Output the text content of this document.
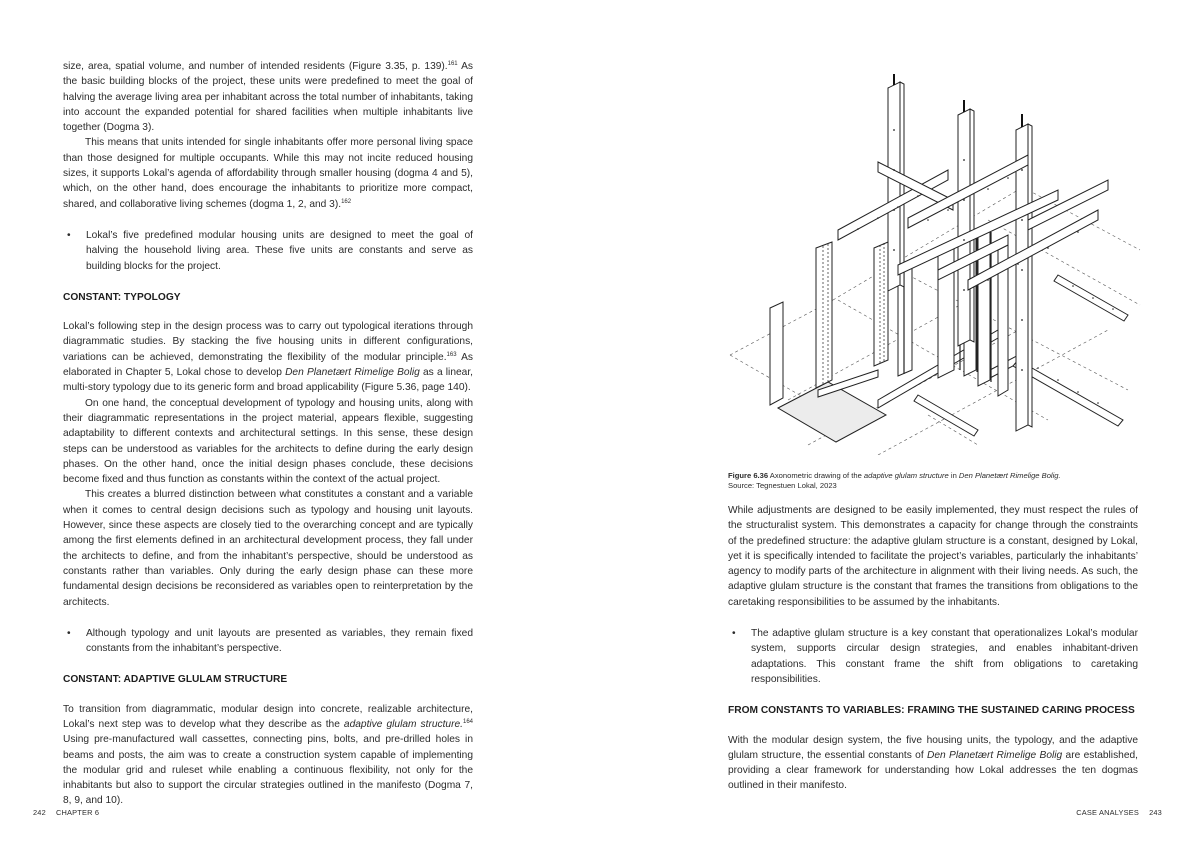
size, area, spatial volume, and number of intended residents (Figure 3.35, p. 139).$^{161}$ As the basic building blocks of the project, these units were predefined to meet the goal of halving the average living area per inhabitant across the total number of inhabitants, taking into account the expanded potential for shared facilities when multiple inhabitants live together (Dogma 3).

This means that units intended for single inhabitants offer more personal living space than those designed for multiple occupants. While this may not incite reduced housing sizes, it supports Lokal’s agenda of affordability through smaller housing (dogma 4 and 5), which, on the other hand, does encourage the inhabitants to prioritize more compact, shared, and collaborative living schemes (dogma 1, 2, and 3).$^{162}$

•	Lokal’s five predefined modular housing units are designed to meet the goal of halving the household living area. These five units are constants and serve as building blocks for the project.
CONSTANT: TYPOLOGY

Lokal’s following step in the design process was to carry out typological iterations through diagrammatic studies. By stacking the five housing units in different configurations, variations can be achieved, demonstrating the flexibility of the modular principle.$^{163}$ As elaborated in Chapter 5, Lokal chose to develop Den Planetært Rimelige Bolig as a linear, multi-story typology due to its generic form and broad applicability (Figure 5.36, page 140).

On one hand, the conceptual development of typology and housing units, along with their diagrammatic representations in the project material, appears flexible, suggesting adaptability to different contexts and architectural settings. In this sense, these design steps can be understood as variables for the architects to define during the early design phases. On the other hand, once the initial design phases conclude, these decisions become fixed and thus function as constants within the context of the actual project.

This creates a blurred distinction between what constitutes a constant and a variable when it comes to central design decisions such as typology and housing unit layouts. However, since these aspects are closely tied to the overarching concept and are typically among the first elements defined in an architectural development process, they fall under the architects to define, and from the inhabitant’s perspective, should be understood as constants rather than variables. Only during the early design phase can these more fundamental design decisions be reconsidered as variables open to reinterpretation by the architects.

•	Although typology and unit layouts are presented as variables, they remain fixed constants from the inhabitant’s perspective.
CONSTANT: ADAPTIVE GLULAM STRUCTURE

To transition from diagrammatic, modular design into concrete, realizable architecture, Lokal’s next step was to develop what they describe as the adaptive glulam structure.$^{164}$ Using pre-manufactured wall cassettes, connecting pins, bolts, and pre-drilled holes in beams and posts, the aim was to create a construction system capable of implementing the modular grid and ruleset while enabling a continuous flexibility, not only for the inhabitants but also to support the circular strategies outlined in the manifesto (Dogma 7, 8, 9, and 10).

Figure 6.36 Axonometric drawing of the adaptive glulam structure in Den Planetært Rimelige Bolig.
Source: Tegnestuen Lokal, 2023

While adjustments are designed to be easily implemented, they must respect the rules of the structuralist system. This demonstrates a capacity for change through the constraints of the predefined structure: the adaptive glulam structure is a constant, designed by Lokal, yet it is specifically intended to facilitate the project’s variables, particularly the inhabitants’ agency to modify parts of the architecture in alignment with their living needs. As such, the adaptive glulam structure is the constant that frames the transitions from obligations to the caretaking responsibilities to be assumed by the inhabitants.

•	The adaptive glulam structure is a key constant that operationalizes Lokal’s modular system, supports circular design strategies, and enables inhabitant-driven adaptations. This constant frame the shift from obligations to caretaking responsibilities.
FROM CONSTANTS TO VARIABLES: FRAMING THE SUSTAINED CARING PROCESS

With the modular design system, the five housing units, the typology, and the adaptive glulam structure, the essential constants of Den Planetært Rimelige Bolig are established, providing a clear framework for understanding how Lokal addresses the ten dogmas outlined in their manifesto.

242 CHAPTER 6	CASE ANALYSES 243
